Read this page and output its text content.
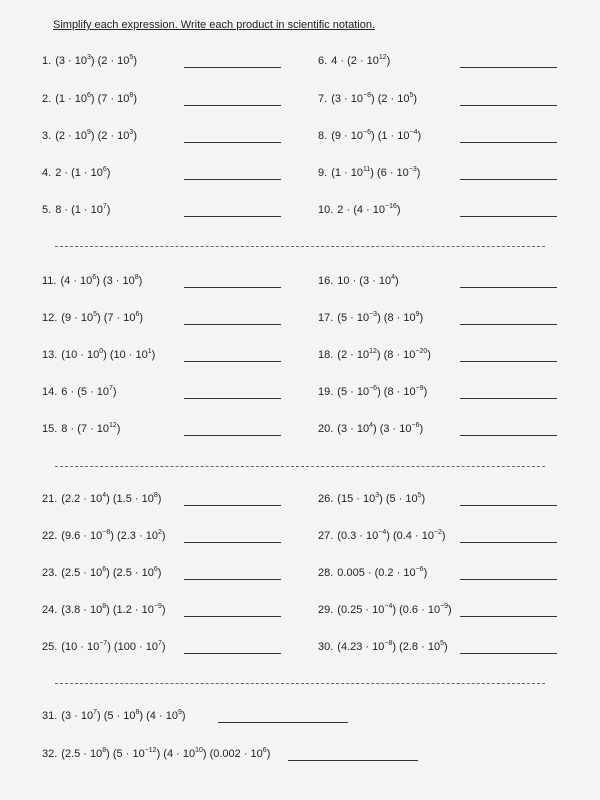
Simplify each expression. Write each product in scientific notation.
1. $(3 \cdot 10^3)$ $(2 \cdot 10^5)$
2. $(1 \cdot 10^6)$ $(7 \cdot 10^8)$
3. $(2 \cdot 10^9)$ $(2 \cdot 10^3)$
4. $2 \cdot (1 \cdot 10^6)$
5. $8 \cdot (1 \cdot 10^7)$
6. $4 \cdot (2 \cdot 10^{12})$
7. $(3 \cdot 10^{-8})$ $(2 \cdot 10^5)$
8. $(9 \cdot 10^{-6})$ $(1 \cdot 10^{-4})$
9. $(1 \cdot 10^{11})$ $(6 \cdot 10^{-3})$
10. $2 \cdot (4 \cdot 10^{-16})$
11. $(4 \cdot 10^6)$ $(3 \cdot 10^8)$
12. $(9 \cdot 10^5)$ $(7 \cdot 10^6)$
13. $(10 \cdot 10^0)$ $(10 \cdot 10^1)$
14. $6 \cdot (5 \cdot 10^7)$
15. $8 \cdot (7 \cdot 10^{12})$
16. $10 \cdot (3 \cdot 10^4)$
17. $(5 \cdot 10^{-3})$ $(8 \cdot 10^9)$
18. $(2 \cdot 10^{12})$ $(8 \cdot 10^{-20})$
19. $(5 \cdot 10^{-6})$ $(8 \cdot 10^{-9})$
20. $(3 \cdot 10^4)$ $(3 \cdot 10^{-6})$
21. $(2.2 \cdot 10^4)$ $(1.5 \cdot 10^8)$
22. $(9.6 \cdot 10^{-8})$ $(2.3 \cdot 10^2)$
23. $(2.5 \cdot 10^6)$ $(2.5 \cdot 10^6)$
24. $(3.8 \cdot 10^8)$ $(1.2 \cdot 10^{-9})$
25. $(10 \cdot 10^{-7})$ $(100 \cdot 10^7)$
26. $(15 \cdot 10^3)$ $(5 \cdot 10^5)$
27. $(0.3 \cdot 10^{-4})$ $(0.4 \cdot 10^{-2})$
28. $0.005 \cdot (0.2 \cdot 10^{-6})$
29. $(0.25 \cdot 10^{-4})$ $(0.6 \cdot 10^{-9})$
30. $(4.23 \cdot 10^{-8})$ $(2.8 \cdot 10^5)$
31. $(3 \cdot 10^7)$ $(5 \cdot 10^8)$ $(4 \cdot 10^9)$
32. $(2.5 \cdot 10^8)$ $(5 \cdot 10^{-12})$ $(4 \cdot 10^{10})$ $(0.002 \cdot 10^6)$
